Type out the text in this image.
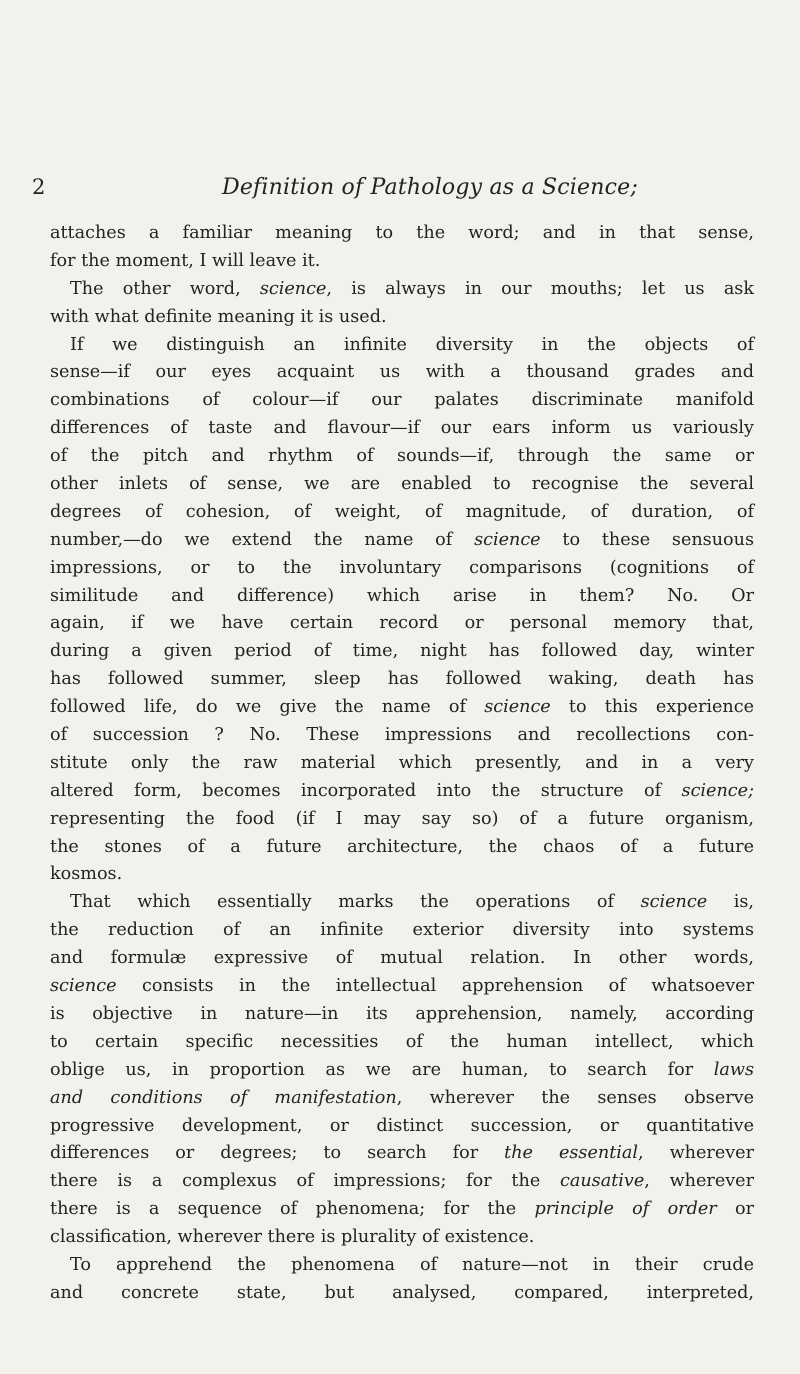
2	Definition of Pathology as a Science;
attaches a familiar meaning to the word; and in that sense,
for the moment, I will leave it.
The other word, science, is always in our mouths; let us ask
with what definite meaning it is used.
If we distinguish an infinite diversity in the objects of
sense—if our eyes acquaint us with a thousand grades and
combinations of colour—if our palates discriminate manifold
differences of taste and flavour—if our ears inform us variously
of the pitch and rhythm of sounds—if, through the same or
other inlets of sense, we are enabled to recognise the several
degrees of cohesion, of weight, of magnitude, of duration, of
number,—do we extend the name of science to these sensuous
impressions, or to the involuntary comparisons (cognitions of
similitude and difference) which arise in them? No. Or
again, if we have certain record or personal memory that,
during a given period of time, night has followed day, winter
has followed summer, sleep has followed waking, death has
followed life, do we give the name of science to this experience
of succession ? No. These impressions and recollections con-
stitute only the raw material which presently, and in a very
altered form, becomes incorporated into the structure of science;
representing the food (if I may say so) of a future organism,
the stones of a future architecture, the chaos of a future
kosmos.
That which essentially marks the operations of science is,
the reduction of an infinite exterior diversity into systems
and formulæ expressive of mutual relation. In other words,
science consists in the intellectual apprehension of whatsoever
is objective in nature—in its apprehension, namely, according
to certain specific necessities of the human intellect, which
oblige us, in proportion as we are human, to search for laws
and conditions of manifestation, wherever the senses observe
progressive development, or distinct succession, or quantitative
differences or degrees; to search for the essential, wherever
there is a complexus of impressions; for the causative, wherever
there is a sequence of phenomena; for the principle of order or
classification, wherever there is plurality of existence.
To apprehend the phenomena of nature—not in their crude
and concrete state, but analysed, compared, interpreted,
